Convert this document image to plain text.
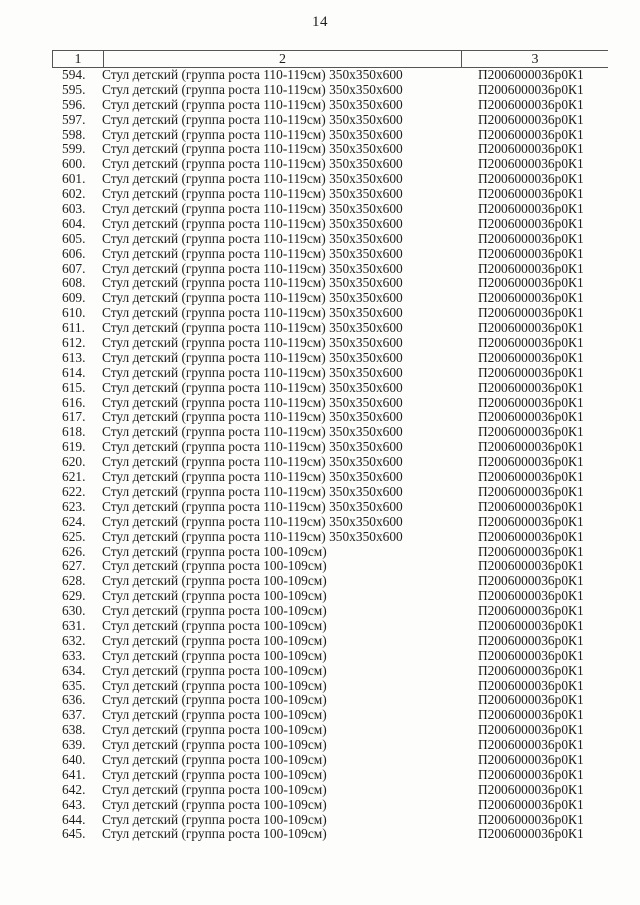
14
1	2	3
594.	Стул детский (группа роста 110-119см) 350х350х600	П2006000036р0К1
595.	Стул детский (группа роста 110-119см) 350х350х600	П2006000036р0К1
596.	Стул детский (группа роста 110-119см) 350х350х600	П2006000036р0К1
597.	Стул детский (группа роста 110-119см) 350х350х600	П2006000036р0К1
598.	Стул детский (группа роста 110-119см) 350х350х600	П2006000036р0К1
599.	Стул детский (группа роста 110-119см) 350х350х600	П2006000036р0К1
600.	Стул детский (группа роста 110-119см) 350х350х600	П2006000036р0К1
601.	Стул детский (группа роста 110-119см) 350х350х600	П2006000036р0К1
602.	Стул детский (группа роста 110-119см) 350х350х600	П2006000036р0К1
603.	Стул детский (группа роста 110-119см) 350х350х600	П2006000036р0К1
604.	Стул детский (группа роста 110-119см) 350х350х600	П2006000036р0К1
605.	Стул детский (группа роста 110-119см) 350х350х600	П2006000036р0К1
606.	Стул детский (группа роста 110-119см) 350х350х600	П2006000036р0К1
607.	Стул детский (группа роста 110-119см) 350х350х600	П2006000036р0К1
608.	Стул детский (группа роста 110-119см) 350х350х600	П2006000036р0К1
609.	Стул детский (группа роста 110-119см) 350х350х600	П2006000036р0К1
610.	Стул детский (группа роста 110-119см) 350х350х600	П2006000036р0К1
611.	Стул детский (группа роста 110-119см) 350х350х600	П2006000036р0К1
612.	Стул детский (группа роста 110-119см) 350х350х600	П2006000036р0К1
613.	Стул детский (группа роста 110-119см) 350х350х600	П2006000036р0К1
614.	Стул детский (группа роста 110-119см) 350х350х600	П2006000036р0К1
615.	Стул детский (группа роста 110-119см) 350х350х600	П2006000036р0К1
616.	Стул детский (группа роста 110-119см) 350х350х600	П2006000036р0К1
617.	Стул детский (группа роста 110-119см) 350х350х600	П2006000036р0К1
618.	Стул детский (группа роста 110-119см) 350х350х600	П2006000036р0К1
619.	Стул детский (группа роста 110-119см) 350х350х600	П2006000036р0К1
620.	Стул детский (группа роста 110-119см) 350х350х600	П2006000036р0К1
621.	Стул детский (группа роста 110-119см) 350х350х600	П2006000036р0К1
622.	Стул детский (группа роста 110-119см) 350х350х600	П2006000036р0К1
623.	Стул детский (группа роста 110-119см) 350х350х600	П2006000036р0К1
624.	Стул детский (группа роста 110-119см) 350х350х600	П2006000036р0К1
625.	Стул детский (группа роста 110-119см) 350х350х600	П2006000036р0К1
626.	Стул детский (группа роста 100-109см)	П2006000036р0К1
627.	Стул детский (группа роста 100-109см)	П2006000036р0К1
628.	Стул детский (группа роста 100-109см)	П2006000036р0К1
629.	Стул детский (группа роста 100-109см)	П2006000036р0К1
630.	Стул детский (группа роста 100-109см)	П2006000036р0К1
631.	Стул детский (группа роста 100-109см)	П2006000036р0К1
632.	Стул детский (группа роста 100-109см)	П2006000036р0К1
633.	Стул детский (группа роста 100-109см)	П2006000036р0К1
634.	Стул детский (группа роста 100-109см)	П2006000036р0К1
635.	Стул детский (группа роста 100-109см)	П2006000036р0К1
636.	Стул детский (группа роста 100-109см)	П2006000036р0К1
637.	Стул детский (группа роста 100-109см)	П2006000036р0К1
638.	Стул детский (группа роста 100-109см)	П2006000036р0К1
639.	Стул детский (группа роста 100-109см)	П2006000036р0К1
640.	Стул детский (группа роста 100-109см)	П2006000036р0К1
641.	Стул детский (группа роста 100-109см)	П2006000036р0К1
642.	Стул детский (группа роста 100-109см)	П2006000036р0К1
643.	Стул детский (группа роста 100-109см)	П2006000036р0К1
644.	Стул детский (группа роста 100-109см)	П2006000036р0К1
645.	Стул детский (группа роста 100-109см)	П2006000036р0К1
